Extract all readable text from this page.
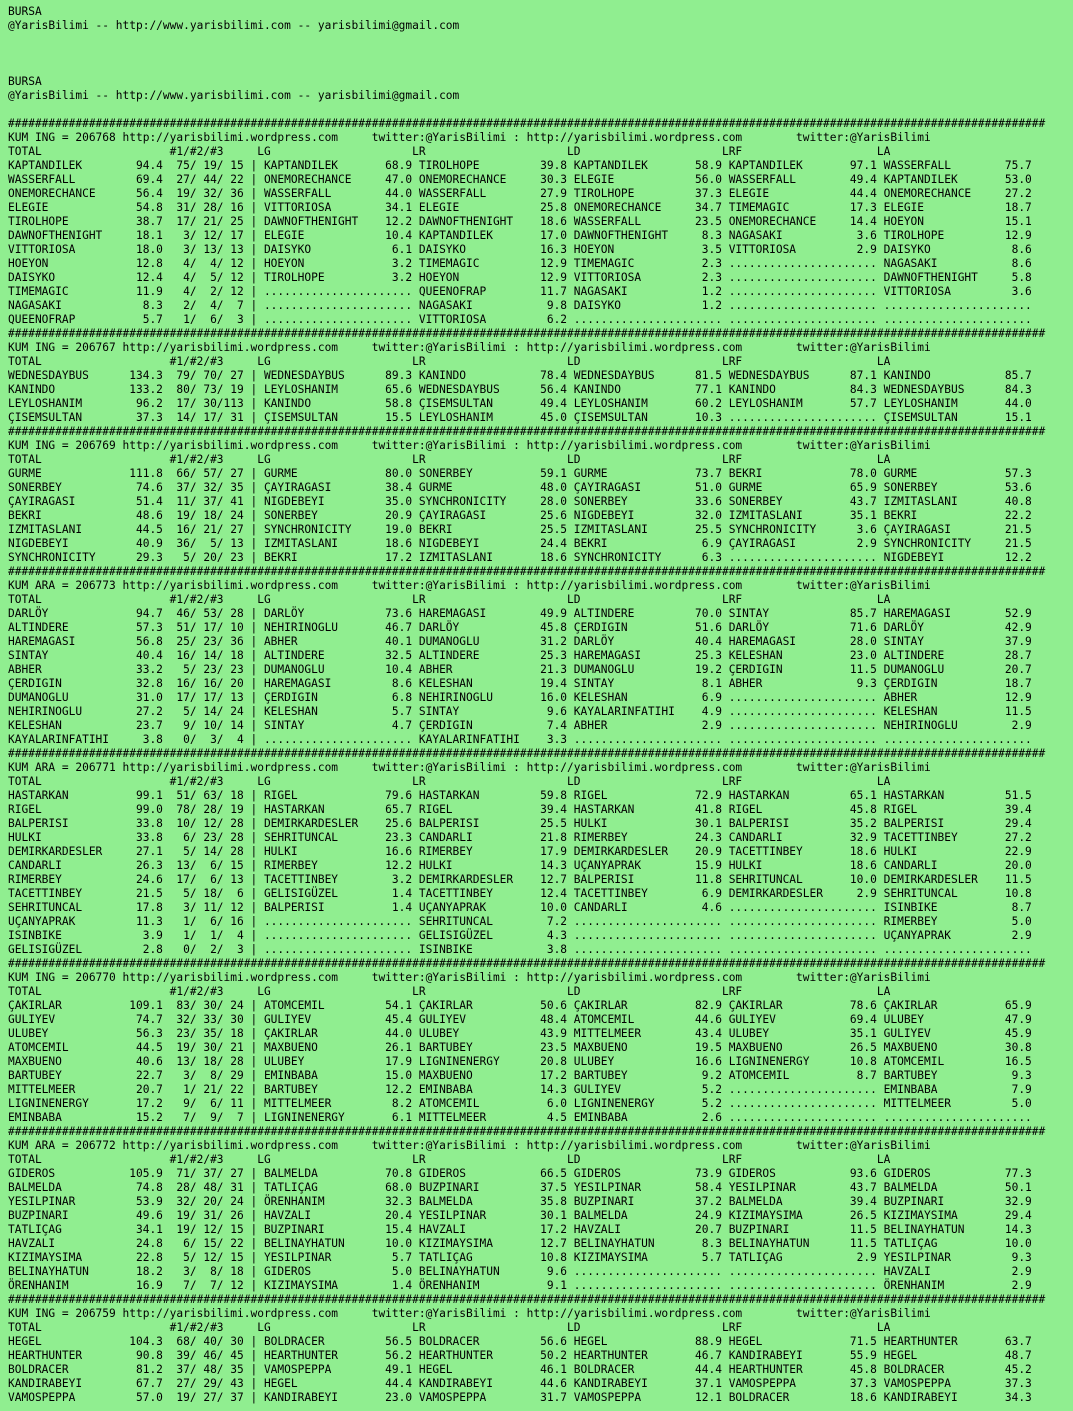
BURSA
@YarisBilimi -- http://www.yarisbilimi.com -- yarisbilimi@gmail.com
BURSA
@YarisBilimi -- http://www.yarisbilimi.com -- yarisbilimi@gmail.com
##########################################################################################################################################################
KUM ING = 206768 http://yarisbilimi.wordpress.com     twitter:@YarisBilimi : http://yarisbilimi.wordpress.com        twitter:@YarisBilimi
TOTAL                   #1/#2/#3     LG                     LR                     LD                     LRF                    LA
KAPTANDILEK        94.4  75/ 19/ 15 | KAPTANDILEK       68.9 TIROLHOPE         39.8 KAPTANDILEK       58.9 KAPTANDILEK       97.1 WASSERFALL        75.7
WASSERFALL         69.4  27/ 44/ 22 | ONEMORECHANCE     47.0 ONEMORECHANCE     30.3 ELEGIE            56.0 WASSERFALL        49.4 KAPTANDILEK       53.0
ONEMORECHANCE      56.4  19/ 32/ 36 | WASSERFALL        44.0 WASSERFALL        27.9 TIROLHOPE         37.3 ELEGIE            44.4 ONEMORECHANCE     27.2
ELEGIE             54.8  31/ 28/ 16 | VITTORIOSA        34.1 ELEGIE            25.8 ONEMORECHANCE     34.7 TIMEMAGIC         17.3 ELEGIE            18.7
TIROLHOPE          38.7  17/ 21/ 25 | DAWNOFTHENIGHT    12.2 DAWNOFTHENIGHT    18.6 WASSERFALL        23.5 ONEMORECHANCE     14.4 HOEYON            15.1
DAWNOFTHENIGHT     18.1   3/ 12/ 17 | ELEGIE            10.4 KAPTANDILEK       17.0 DAWNOFTHENIGHT     8.3 NAGASAKI           3.6 TIROLHOPE         12.9
VITTORIOSA         18.0   3/ 13/ 13 | DAISYKO            6.1 DAISYKO           16.3 HOEYON             3.5 VITTORIOSA         2.9 DAISYKO            8.6
HOEYON             12.8   4/  4/ 12 | HOEYON             3.2 TIMEMAGIC         12.9 TIMEMAGIC          2.3 ...................... NAGASAKI           8.6
DAISYKO            12.4   4/  5/ 12 | TIROLHOPE          3.2 HOEYON            12.9 VITTORIOSA         2.3 ...................... DAWNOFTHENIGHT     5.8
TIMEMAGIC          11.9   4/  2/ 12 | ...................... QUEENOFRAP        11.7 NAGASAKI           1.2 ...................... VITTORIOSA         3.6
NAGASAKI            8.3   2/  4/  7 | ...................... NAGASAKI           9.8 DAISYKO            1.2 ...................... ......................
QUEENOFRAP          5.7   1/  6/  3 | ...................... VITTORIOSA         6.2 ...................... ...................... ......................
##########################################################################################################################################################
KUM ING = 206767 http://yarisbilimi.wordpress.com     twitter:@YarisBilimi : http://yarisbilimi.wordpress.com        twitter:@YarisBilimi
TOTAL                   #1/#2/#3     LG                     LR                     LD                     LRF                    LA
WEDNESDAYBUS      134.3  79/ 70/ 27 | WEDNESDAYBUS      89.3 KANINDO           78.4 WEDNESDAYBUS      81.5 WEDNESDAYBUS      87.1 KANINDO           85.7
KANINDO           133.2  80/ 73/ 19 | LEYLOSHANIM       65.6 WEDNESDAYBUS      56.4 KANINDO           77.1 KANINDO           84.3 WEDNESDAYBUS      84.3
LEYLOSHANIM        96.2  17/ 30/113 | KANINDO           58.8 ÇISEMSULTAN       49.4 LEYLOSHANIM       60.2 LEYLOSHANIM       57.7 LEYLOSHANIM       44.0
ÇISEMSULTAN        37.3  14/ 17/ 31 | ÇISEMSULTAN       15.5 LEYLOSHANIM       45.0 ÇISEMSULTAN       10.3 ...................... ÇISEMSULTAN       15.1
##########################################################################################################################################################
KUM ING = 206769 http://yarisbilimi.wordpress.com     twitter:@YarisBilimi : http://yarisbilimi.wordpress.com        twitter:@YarisBilimi
TOTAL                   #1/#2/#3     LG                     LR                     LD                     LRF                    LA
GURME             111.8  66/ 57/ 27 | GURME             80.0 SONERBEY          59.1 GURME             73.7 BEKRI             78.0 GURME             57.3
SONERBEY           74.6  37/ 32/ 35 | ÇAYIRAGASI        38.4 GURME             48.0 ÇAYIRAGASI        51.0 GURME             65.9 SONERBEY          53.6
ÇAYIRAGASI         51.4  11/ 37/ 41 | NIGDEBEYI         35.0 SYNCHRONICITY     28.0 SONERBEY          33.6 SONERBEY          43.7 IZMITASLANI       40.8
BEKRI              48.6  19/ 18/ 24 | SONERBEY          20.9 ÇAYIRAGASI        25.6 NIGDEBEYI         32.0 IZMITASLANI       35.1 BEKRI             22.2
IZMITASLANI        44.5  16/ 21/ 27 | SYNCHRONICITY     19.0 BEKRI             25.5 IZMITASLANI       25.5 SYNCHRONICITY      3.6 ÇAYIRAGASI        21.5
NIGDEBEYI          40.9  36/  5/ 13 | IZMITASLANI       18.6 NIGDEBEYI         24.4 BEKRI              6.9 ÇAYIRAGASI         2.9 SYNCHRONICITY     21.5
SYNCHRONICITY      29.3   5/ 20/ 23 | BEKRI             17.2 IZMITASLANI       18.6 SYNCHRONICITY      6.3 ...................... NIGDEBEYI         12.2
##########################################################################################################################################################
KUM ARA = 206773 http://yarisbilimi.wordpress.com     twitter:@YarisBilimi : http://yarisbilimi.wordpress.com        twitter:@YarisBilimi
TOTAL                   #1/#2/#3     LG                     LR                     LD                     LRF                    LA
DARLÖY             94.7  46/ 53/ 28 | DARLÖY            73.6 HAREMAGASI        49.9 ALTINDERE         70.0 SINTAY            85.7 HAREMAGASI        52.9
ALTINDERE          57.3  51/ 17/ 10 | NEHIRINOGLU       46.7 DARLÖY            45.8 ÇERDIGIN          51.6 DARLÖY            71.6 DARLÖY            42.9
HAREMAGASI         56.8  25/ 23/ 36 | ABHER             40.1 DUMANOGLU         31.2 DARLÖY            40.4 HAREMAGASI        28.0 SINTAY            37.9
SINTAY             40.4  16/ 14/ 18 | ALTINDERE         32.5 ALTINDERE         25.3 HAREMAGASI        25.3 KELESHAN          23.0 ALTINDERE         28.7
ABHER              33.2   5/ 23/ 23 | DUMANOGLU         10.4 ABHER             21.3 DUMANOGLU         19.2 ÇERDIGIN          11.5 DUMANOGLU         20.7
ÇERDIGIN           32.8  16/ 16/ 20 | HAREMAGASI         8.6 KELESHAN          19.4 SINTAY             8.1 ABHER              9.3 ÇERDIGIN          18.7
DUMANOGLU          31.0  17/ 17/ 13 | ÇERDIGIN           6.8 NEHIRINOGLU       16.0 KELESHAN           6.9 ...................... ABHER             12.9
NEHIRINOGLU        27.2   5/ 14/ 24 | KELESHAN           5.7 SINTAY             9.6 KAYALARINFATIHI    4.9 ...................... KELESHAN          11.5
KELESHAN           23.7   9/ 10/ 14 | SINTAY             4.7 ÇERDIGIN           7.4 ABHER              2.9 ...................... NEHIRINOGLU        2.9
KAYALARINFATIHI     3.8   0/  3/  4 | ...................... KAYALARINFATIHI    3.3 ...................... ...................... ......................
##########################################################################################################################################################
KUM ARA = 206771 http://yarisbilimi.wordpress.com     twitter:@YarisBilimi : http://yarisbilimi.wordpress.com        twitter:@YarisBilimi
TOTAL                   #1/#2/#3     LG                     LR                     LD                     LRF                    LA
HASTARKAN          99.1  51/ 63/ 18 | RIGEL             79.6 HASTARKAN         59.8 RIGEL             72.9 HASTARKAN         65.1 HASTARKAN         51.5
RIGEL              99.0  78/ 28/ 19 | HASTARKAN         65.7 RIGEL             39.4 HASTARKAN         41.8 RIGEL             45.8 RIGEL             39.4
BALPERISI          33.8  10/ 12/ 28 | DEMIRKARDESLER    25.6 BALPERISI         25.5 HULKI             30.1 BALPERISI         35.2 BALPERISI         29.4
HULKI              33.8   6/ 23/ 28 | SEHRITUNCAL       23.3 CANDARLI          21.8 RIMERBEY          24.3 CANDARLI          32.9 TACETTINBEY       27.2
DEMIRKARDESLER     27.1   5/ 14/ 28 | HULKI             16.6 RIMERBEY          17.9 DEMIRKARDESLER    20.9 TACETTINBEY       18.6 HULKI             22.9
CANDARLI           26.3  13/  6/ 15 | RIMERBEY          12.2 HULKI             14.3 UÇANYAPRAK        15.9 HULKI             18.6 CANDARLI          20.0
RIMERBEY           24.6  17/  6/ 13 | TACETTINBEY        3.2 DEMIRKARDESLER    12.7 BALPERISI         11.8 SEHRITUNCAL       10.0 DEMIRKARDESLER    11.5
TACETTINBEY        21.5   5/ 18/  6 | GELISIGÜZEL        1.4 TACETTINBEY       12.4 TACETTINBEY        6.9 DEMIRKARDESLER     2.9 SEHRITUNCAL       10.8
SEHRITUNCAL        17.8   3/ 11/ 12 | BALPERISI          1.4 UÇANYAPRAK        10.0 CANDARLI           4.6 ...................... ISINBIKE           8.7
UÇANYAPRAK         11.3   1/  6/ 16 | ...................... SEHRITUNCAL        7.2 ...................... ...................... RIMERBEY           5.0
ISINBIKE            3.9   1/  1/  4 | ...................... GELISIGÜZEL        4.3 ...................... ...................... UÇANYAPRAK         2.9
GELISIGÜZEL         2.8   0/  2/  3 | ...................... ISINBIKE           3.8 ...................... ...................... ......................
##########################################################################################################################################################
KUM ING = 206770 http://yarisbilimi.wordpress.com     twitter:@YarisBilimi : http://yarisbilimi.wordpress.com        twitter:@YarisBilimi
TOTAL                   #1/#2/#3     LG                     LR                     LD                     LRF                    LA
ÇAKIRLAR          109.1  83/ 30/ 24 | ATOMCEMIL         54.1 ÇAKIRLAR          50.6 ÇAKIRLAR          82.9 ÇAKIRLAR          78.6 ÇAKIRLAR          65.9
GULIYEV            74.7  32/ 33/ 30 | GULIYEV           45.4 GULIYEV           48.4 ATOMCEMIL         44.6 GULIYEV           69.4 ULUBEY            47.9
ULUBEY             56.3  23/ 35/ 18 | ÇAKIRLAR          44.0 ULUBEY            43.9 MITTELMEER        43.4 ULUBEY            35.1 GULIYEV           45.9
ATOMCEMIL          44.5  19/ 30/ 21 | MAXBUENO          26.1 BARTUBEY          23.5 MAXBUENO          19.5 MAXBUENO          26.5 MAXBUENO          30.8
MAXBUENO           40.6  13/ 18/ 28 | ULUBEY            17.9 LIGNINENERGY      20.8 ULUBEY            16.6 LIGNINENERGY      10.8 ATOMCEMIL         16.5
BARTUBEY           22.7   3/  8/ 29 | EMINBABA          15.0 MAXBUENO          17.2 BARTUBEY           9.2 ATOMCEMIL          8.7 BARTUBEY           9.3
MITTELMEER         20.7   1/ 21/ 22 | BARTUBEY          12.2 EMINBABA          14.3 GULIYEV            5.2 ...................... EMINBABA           7.9
LIGNINENERGY       17.2   9/  6/ 11 | MITTELMEER         8.2 ATOMCEMIL          6.0 LIGNINENERGY       5.2 ...................... MITTELMEER         5.0
EMINBABA           15.2   7/  9/  7 | LIGNINENERGY       6.1 MITTELMEER         4.5 EMINBABA           2.6 ...................... ......................
##########################################################################################################################################################
KUM ARA = 206772 http://yarisbilimi.wordpress.com     twitter:@YarisBilimi : http://yarisbilimi.wordpress.com        twitter:@YarisBilimi
TOTAL                   #1/#2/#3     LG                     LR                     LD                     LRF                    LA
GIDEROS           105.9  71/ 37/ 27 | BALMELDA          70.8 GIDEROS           66.5 GIDEROS           73.9 GIDEROS           93.6 GIDEROS           77.3
BALMELDA           74.8  28/ 48/ 31 | TATLIÇAG          68.0 BUZPINARI         37.5 YESILPINAR        58.4 YESILPINAR        43.7 BALMELDA          50.1
YESILPINAR         53.9  32/ 20/ 24 | ÖRENHANIM         32.3 BALMELDA          35.8 BUZPINARI         37.2 BALMELDA          39.4 BUZPINARI         32.9
BUZPINARI          49.6  19/ 31/ 26 | HAVZALI           20.4 YESILPINAR        30.1 BALMELDA          24.9 KIZIMAYSIMA       26.5 KIZIMAYSIMA       29.4
TATLIÇAG           34.1  19/ 12/ 15 | BUZPINARI         15.4 HAVZALI           17.2 HAVZALI           20.7 BUZPINARI         11.5 BELINAYHATUN      14.3
HAVZALI            24.8   6/ 15/ 22 | BELINAYHATUN      10.0 KIZIMAYSIMA       12.7 BELINAYHATUN       8.3 BELINAYHATUN      11.5 TATLIÇAG          10.0
KIZIMAYSIMA        22.8   5/ 12/ 15 | YESILPINAR         5.7 TATLIÇAG          10.8 KIZIMAYSIMA        5.7 TATLIÇAG           2.9 YESILPINAR         9.3
BELINAYHATUN       18.2   3/  8/ 18 | GIDEROS            5.0 BELINAYHATUN       9.6 ...................... ...................... HAVZALI            2.9
ÖRENHANIM          16.9   7/  7/ 12 | KIZIMAYSIMA        1.4 ÖRENHANIM          9.1 ...................... ...................... ÖRENHANIM          2.9
##########################################################################################################################################################
KUM ING = 206759 http://yarisbilimi.wordpress.com     twitter:@YarisBilimi : http://yarisbilimi.wordpress.com        twitter:@YarisBilimi
TOTAL                   #1/#2/#3     LG                     LR                     LD                     LRF                    LA
HEGEL             104.3  68/ 40/ 30 | BOLDRACER         56.5 BOLDRACER         56.6 HEGEL             88.9 HEGEL             71.5 HEARTHUNTER       63.7
HEARTHUNTER        90.8  39/ 46/ 45 | HEARTHUNTER       56.2 HEARTHUNTER       50.2 HEARTHUNTER       46.7 KANDIRABEYI       55.9 HEGEL             48.7
BOLDRACER          81.2  37/ 48/ 35 | VAMOSPEPPA        49.1 HEGEL             46.1 BOLDRACER         44.4 HEARTHUNTER       45.8 BOLDRACER         45.2
KANDIRABEYI        67.7  27/ 29/ 43 | HEGEL             44.4 KANDIRABEYI       44.6 KANDIRABEYI       37.1 VAMOSPEPPA        37.3 VAMOSPEPPA        37.3
VAMOSPEPPA         57.0  19/ 27/ 37 | KANDIRABEYI       23.0 VAMOSPEPPA        31.7 VAMOSPEPPA        12.1 BOLDRACER         18.6 KANDIRABEYI       34.3
